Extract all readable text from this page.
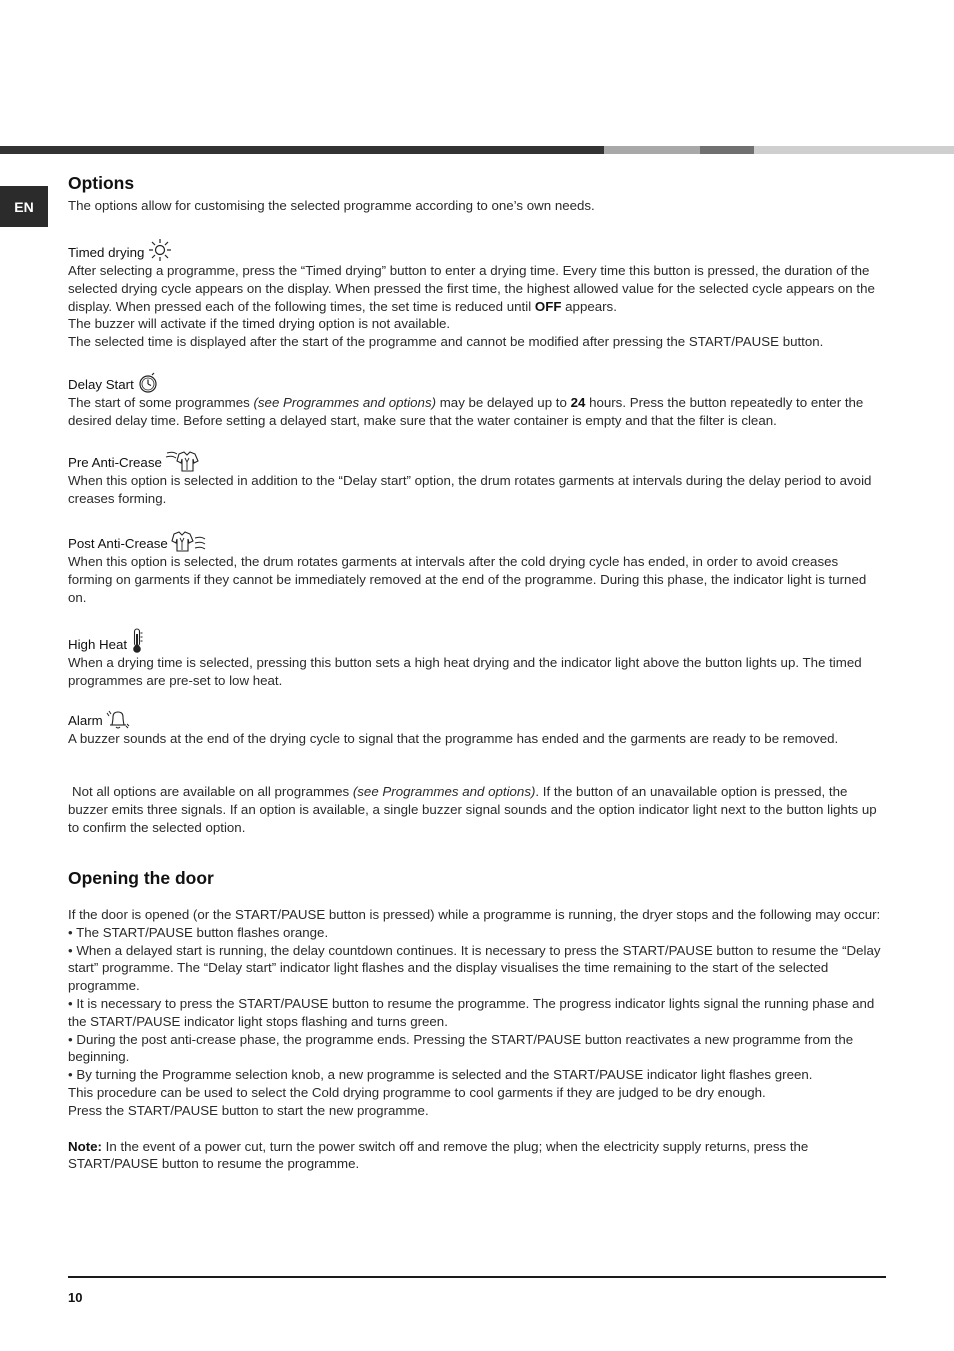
EN
Options

The options allow for customising the selected programme according to one’s own needs.

Timed drying

After selecting a programme, press the “Timed drying” button to enter a drying time. Every time this button is pressed, the duration of the selected drying cycle appears on the display. When pressed the first time, the highest allowed value for the selected cycle appears on the display. When pressed each of the following times, the set time is reduced until OFF appears.

The buzzer will activate if the timed drying option is not available.

The selected time is displayed after the start of the programme and cannot be modified after pressing the START/PAUSE button.

Delay Start

The start of some programmes (see Programmes and options) may be delayed up to 24 hours. Press the button repeatedly to enter the desired delay time. Before setting a delayed start, make sure that the water container is empty and that the filter is clean.

Pre Anti-Crease

When this option is selected in addition to the “Delay start” option, the drum rotates garments at intervals during the delay period to avoid creases forming.

Post Anti-Crease

When this option is selected, the drum rotates garments at intervals after the cold drying cycle has ended, in order to avoid creases forming on garments if they cannot be immediately removed at the end of the programme. During this phase, the indicator light is turned on.

High Heat

When a drying time is selected, pressing this button sets a high heat drying and the indicator light above the button lights up. The timed programmes are pre-set to low heat.

Alarm

A buzzer sounds at the end of the drying cycle to signal that the programme has ended and the garments are ready to be removed.

Not all options are available on all programmes (see Programmes and options). If the button of an unavailable option is pressed, the buzzer emits three signals. If an option is available, a single buzzer signal sounds and the option indicator light next to the button lights up to confirm the selected option.

Opening the door

If the door is opened (or the START/PAUSE button is pressed) while a programme is running, the dryer stops and the following may occur:

• The START/PAUSE button flashes orange.

• When a delayed start is running, the delay countdown continues. It is necessary to press the START/PAUSE button to resume the “Delay start” programme. The “Delay start” indicator light flashes and the display visualises the time remaining to the start of the selected programme.

• It is necessary to press the START/PAUSE button to resume the programme. The progress indicator lights signal the running phase and the START/PAUSE indicator light stops flashing and turns green.

• During the post anti-crease phase, the programme ends. Pressing the START/PAUSE button reactivates a new programme from the beginning.

• By turning the Programme selection knob, a new programme is selected and the START/PAUSE indicator light flashes green.

This procedure can be used to select the Cold drying programme to cool garments if they are judged to be dry enough.

Press the START/PAUSE button to start the new programme.

Note: In the event of a power cut, turn the power switch off and remove the plug; when the electricity supply returns, press the START/PAUSE button to resume the programme.

10
